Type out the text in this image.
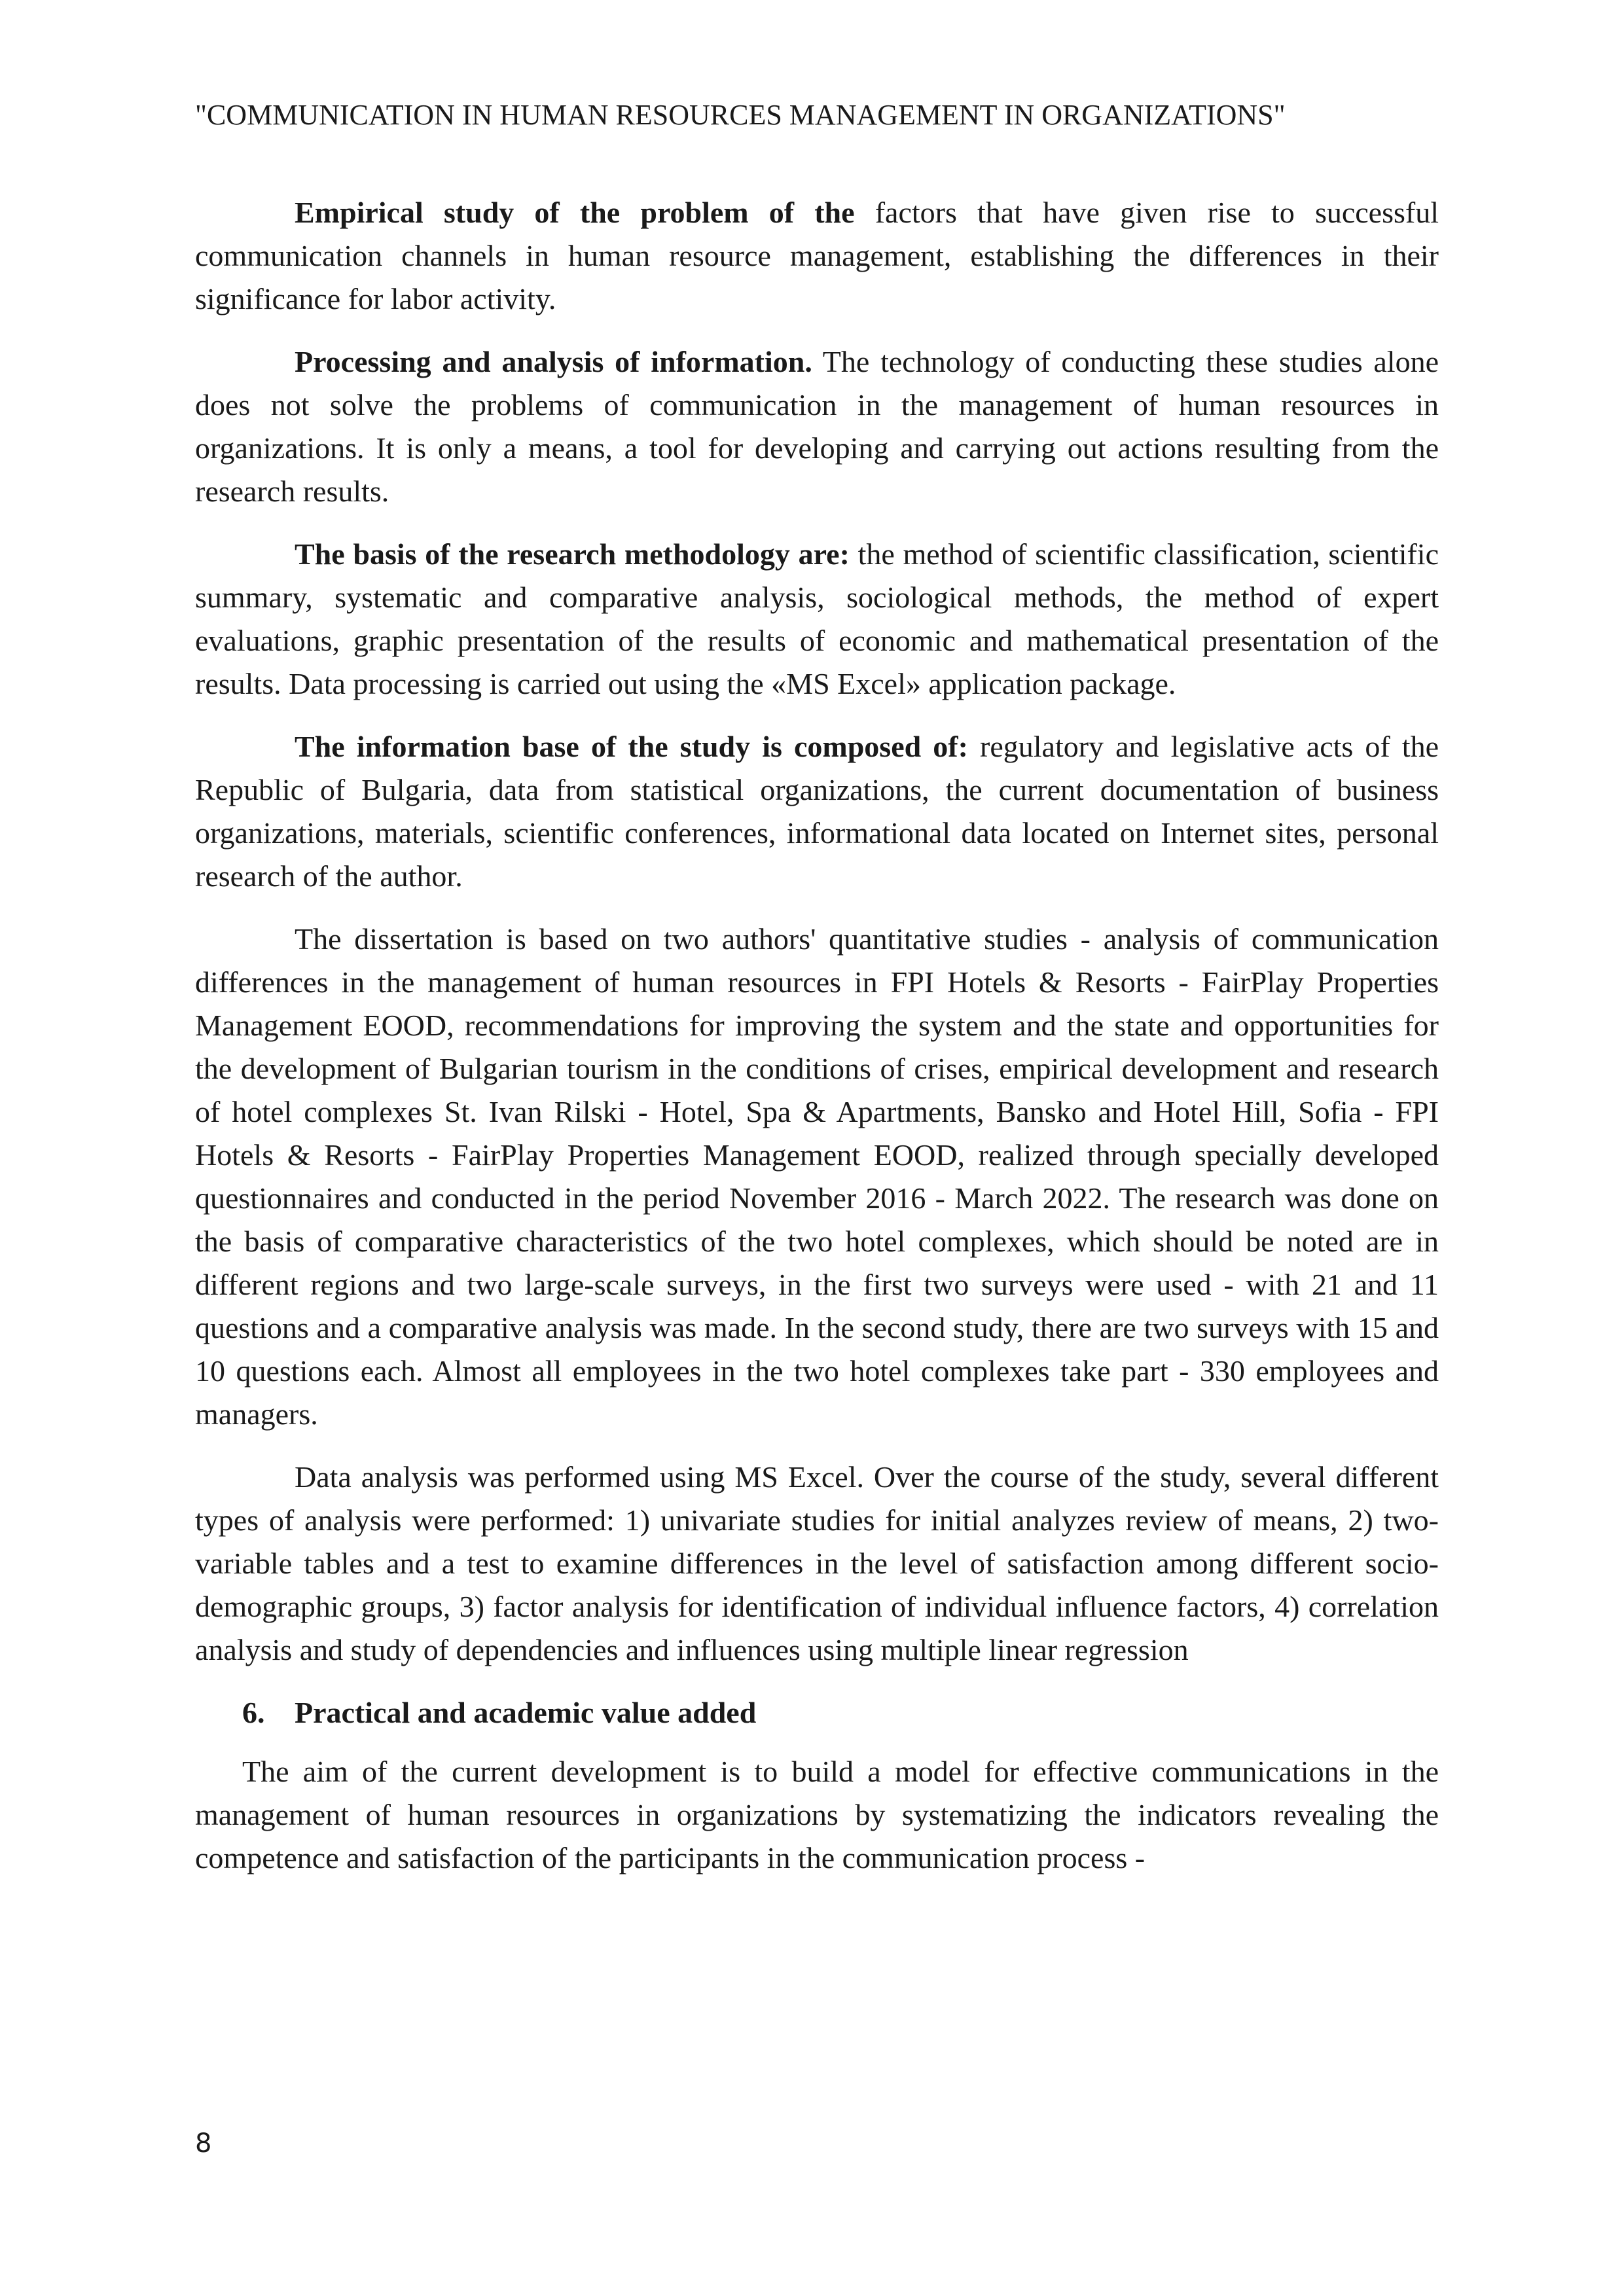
"COMMUNICATION IN HUMAN RESOURCES MANAGEMENT IN ORGANIZATIONS"

Empirical study of the problem of the factors that have given rise to successful communication channels in human resource management, establishing the differences in their significance for labor activity.

Processing and analysis of information. The technology of conducting these studies alone does not solve the problems of communication in the management of human resources in organizations. It is only a means, a tool for developing and carrying out actions resulting from the research results.

The basis of the research methodology are: the method of scientific classification, scientific summary, systematic and comparative analysis, sociological methods, the method of expert evaluations, graphic presentation of the results of economic and mathematical presentation of the results. Data processing is carried out using the «MS Excel» application package.

The information base of the study is composed of: regulatory and legislative acts of the Republic of Bulgaria, data from statistical organizations, the current documentation of business organizations, materials, scientific conferences, informational data located on Internet sites, personal research of the author.

The dissertation is based on two authors' quantitative studies - analysis of communication differences in the management of human resources in FPI Hotels & Resorts - FairPlay Properties Management EOOD, recommendations for improving the system and the state and opportunities for the development of Bulgarian tourism in the conditions of crises, empirical development and research of hotel complexes St. Ivan Rilski - Hotel, Spa & Apartments, Bansko and Hotel Hill, Sofia - FPI Hotels & Resorts - FairPlay Properties Management EOOD, realized through specially developed questionnaires and conducted in the period November 2016 - March 2022. The research was done on the basis of comparative characteristics of the two hotel complexes, which should be noted are in different regions and two large-scale surveys, in the first two surveys were used - with 21 and 11 questions and a comparative analysis was made. In the second study, there are two surveys with 15 and 10 questions each. Almost all employees in the two hotel complexes take part - 330 employees and managers.

Data analysis was performed using MS Excel. Over the course of the study, several different types of analysis were performed: 1) univariate studies for initial analyzes review of means, 2) two-variable tables and a test to examine differences in the level of satisfaction among different socio-demographic groups, 3) factor analysis for identification of individual influence factors, 4) correlation analysis and study of dependencies and influences using multiple linear regression

6. Practical and academic value added

The aim of the current development is to build a model for effective communications in the management of human resources in organizations by systematizing the indicators revealing the competence and satisfaction of the participants in the communication process -

8
